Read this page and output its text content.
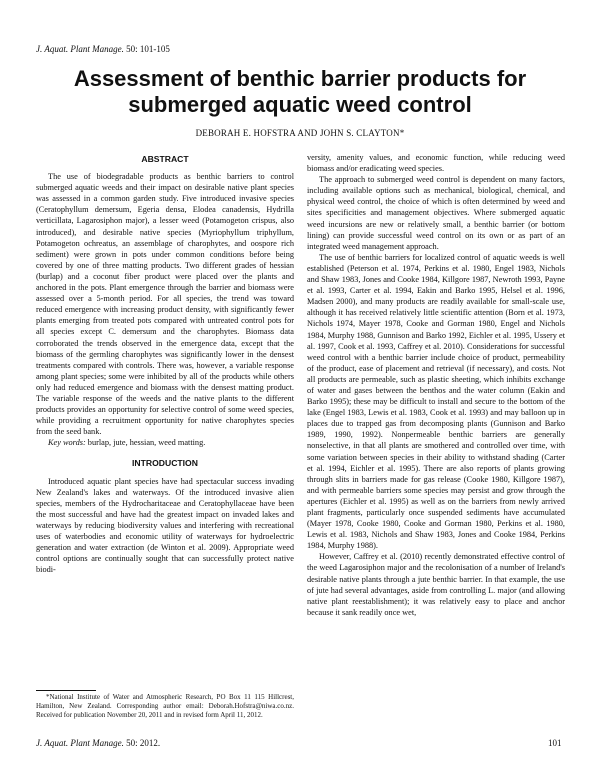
J. Aquat. Plant Manage. 50: 101-105
Assessment of benthic barrier products for
submerged aquatic weed control
DEBORAH E. HOFSTRA AND JOHN S. CLAYTON*
ABSTRACT

The use of biodegradable products as benthic barriers to control submerged aquatic weeds and their impact on desirable native plant species was assessed in a common garden study. Five introduced invasive species (Ceratophyllum demersum, Egeria densa, Elodea canadensis, Hydrilla verticillata, Lagarosiphon major), a lesser weed (Potamogeton crispus, also introduced), and desirable native species (Myriophyllum triphyllum, Potamogeton ochreatus, an assemblage of charophytes, and oospore rich sediment) were grown in pots under common conditions before being covered by one of three matting products. Two different grades of hessian (burlap) and a coconut fiber product were placed over the plants and anchored in the pots. Plant emergence through the barrier and biomass were assessed over a 5-month period. For all species, the trend was toward reduced emergence with increasing product density, with significantly fewer plants emerging from treated pots compared with untreated control pots for all species except C. demersum and the charophytes. Biomass data corroborated the trends observed in the emergence data, except that the biomass of the germling charophytes was significantly lower in the densest treatments compared with controls. There was, however, a variable response among plant species; some were inhibited by all of the products while others only had reduced emergence and biomass with the densest matting product. The variable response of the weeds and the native plants to the different products provides an opportunity for selective control of some weed species, while providing a recruitment opportunity for native charophytes species from the seed bank.

Key words: burlap, jute, hessian, weed matting.

INTRODUCTION

Introduced aquatic plant species have had spectacular success invading New Zealand's lakes and waterways. Of the introduced invasive alien species, members of the Hydrocharitaceae and Ceratophyllaceae have been the most successful and have had the greatest impact on invaded lakes and waterways by reducing biodiversity values and interfering with recreational uses of waterbodies and economic utility of waterways for hydroelectric generation and water extraction (de Winton et al. 2009). Appropriate weed control options are continually sought that can successfully protect native biodi-

versity, amenity values, and economic function, while reducing weed biomass and/or eradicating weed species.

The approach to submerged weed control is dependent on many factors, including available options such as mechanical, biological, chemical, and physical weed control, the choice of which is often determined by weed and sites specificities and management objectives. Where submerged aquatic weed incursions are new or relatively small, a benthic barrier (or bottom lining) can provide successful weed control on its own or as part of an integrated weed management approach.

The use of benthic barriers for localized control of aquatic weeds is well established (Peterson et al. 1974, Perkins et al. 1980, Engel 1983, Nichols and Shaw 1983, Jones and Cooke 1984, Killgore 1987, Newroth 1993, Payne et al. 1993, Carter et al. 1994, Eakin and Barko 1995, Helsel et al. 1996, Madsen 2000), and many products are readily available for small-scale use, although it has received relatively little scientific attention (Born et al. 1973, Nichols 1974, Mayer 1978, Cooke and Gorman 1980, Engel and Nichols 1984, Murphy 1988, Gunnison and Barko 1992, Eichler et al. 1995, Ussery et al. 1997, Cook et al. 1993, Caffrey et al. 2010). Considerations for successful weed control with a benthic barrier include choice of product, permeability of the product, ease of placement and retrieval (if necessary), and costs. Not all products are permeable, such as plastic sheeting, which inhibits exchange of water and gases between the benthos and the water column (Eakin and Barko 1995); these may be difficult to install and secure to the bottom of the lake (Engel 1983, Lewis et al. 1983, Cook et al. 1993) and may balloon up in places due to trapped gas from decomposing plants (Gunnison and Barko 1989, 1990, 1992). Nonpermeable benthic barriers are generally nonselective, in that all plants are smothered and controlled over time, with some variation between species in their ability to withstand shading (Carter et al. 1994, Eichler et al. 1995). There are also reports of plants growing through slits in barriers made for gas release (Cooke 1980, Killgore 1987), and with permeable barriers some species may persist and grow through the apertures (Eichler et al. 1995) as well as on the barriers from newly arrived plant fragments, particularly once suspended sediments have accumulated (Mayer 1978, Cooke 1980, Cooke and Gorman 1980, Perkins et al. 1980, Lewis et al. 1983, Nichols and Shaw 1983, Jones and Cooke 1984, Perkins 1984, Murphy 1988).

However, Caffrey et al. (2010) recently demonstrated effective control of the weed Lagarosiphon major and the recolonisation of a number of Ireland's desirable native plants through a jute benthic barrier. In that example, the use of jute had several advantages, aside from controlling L. major (and allowing native plant reestablishment); it was relatively easy to place and anchor because it sank readily once wet,

*National Institute of Water and Atmospheric Research, PO Box 11 115 Hillcrest, Hamilton, New Zealand. Corresponding author email: Deborah.Hofstra@niwa.co.nz. Received for publication November 20, 2011 and in revised form April 11, 2012.
J. Aquat. Plant Manage. 50: 2012.	101
